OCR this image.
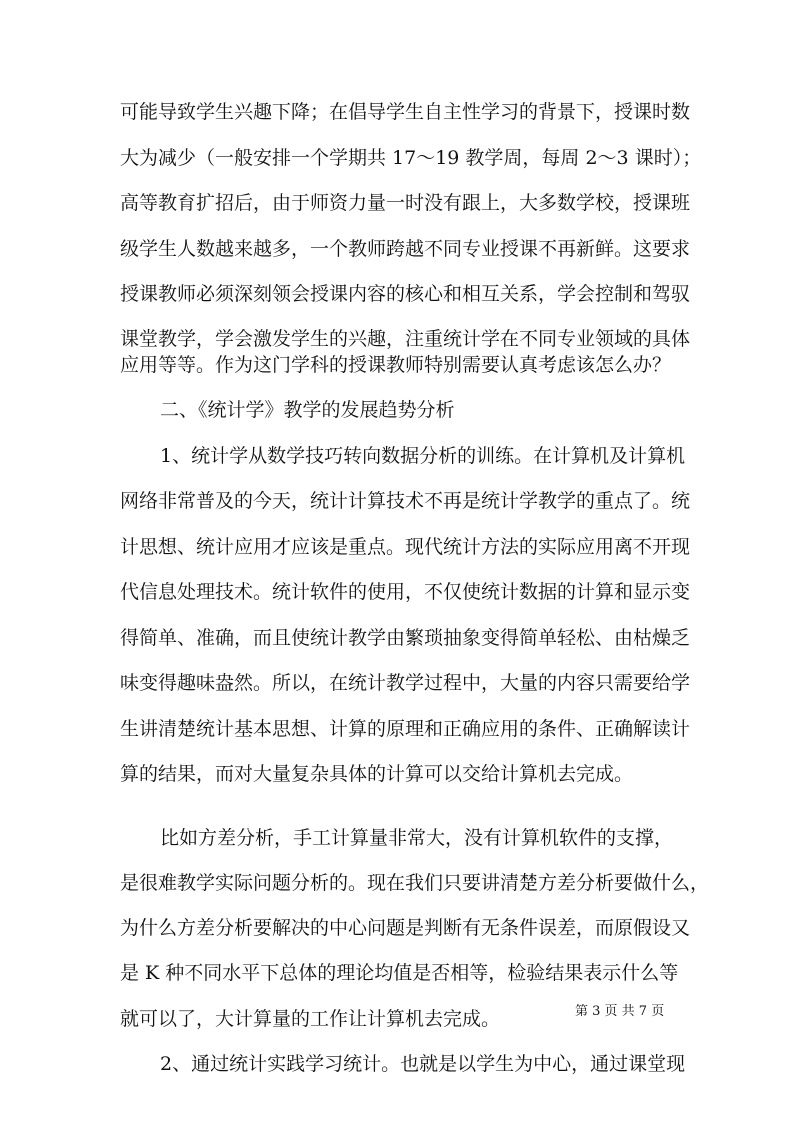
可能导致学生兴趣下降；在倡导学生自主性学习的背景下，授课时数
大为减少（一般安排一个学期共 17～19 教学周，每周 2～3 课时）；
高等教育扩招后，由于师资力量一时没有跟上，大多数学校，授课班
级学生人数越来越多，一个教师跨越不同专业授课不再新鲜。这要求
授课教师必须深刻领会授课内容的核心和相互关系，学会控制和驾驭
课堂教学，学会激发学生的兴趣，注重统计学在不同专业领域的具体
应用等等。作为这门学科的授课教师特别需要认真考虑该怎么办？
二、《统计学》教学的发展趋势分析
1、统计学从数学技巧转向数据分析的训练。在计算机及计算机
网络非常普及的今天，统计计算技术不再是统计学教学的重点了。统
计思想、统计应用才应该是重点。现代统计方法的实际应用离不开现
代信息处理技术。统计软件的使用，不仅使统计数据的计算和显示变
得简单、准确，而且使统计教学由繁琐抽象变得简单轻松、由枯燥乏
味变得趣味盎然。所以，在统计教学过程中，大量的内容只需要给学
生讲清楚统计基本思想、计算的原理和正确应用的条件、正确解读计
算的结果，而对大量复杂具体的计算可以交给计算机去完成。
比如方差分析，手工计算量非常大，没有计算机软件的支撑，
是很难教学实际问题分析的。现在我们只要讲清楚方差分析要做什么，
为什么方差分析要解决的中心问题是判断有无条件误差，而原假设又
是 K 种不同水平下总体的理论均值是否相等，检验结果表示什么等
就可以了，大计算量的工作让计算机去完成。
2、通过统计实践学习统计。也就是以学生为中心，通过课堂现
第 3 页 共 7 页
